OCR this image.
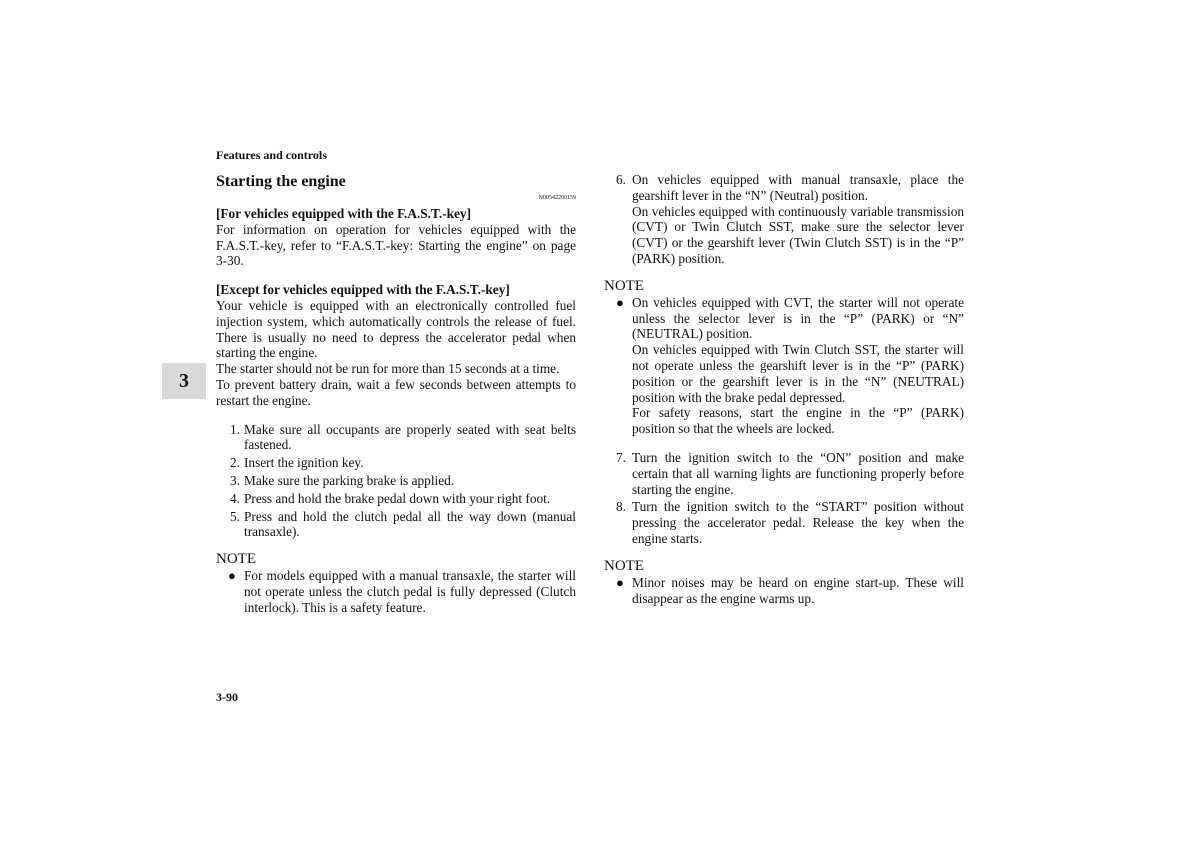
Features and controls
3
Starting the engine
N00542200159

[For vehicles equipped with the F.A.S.T.-key]

For information on operation for vehicles equipped with the F.A.S.T.-key, refer to “F.A.S.T.-key: Starting the engine” on page 3-30.

[Except for vehicles equipped with the F.A.S.T.-key]

Your vehicle is equipped with an electronically controlled fuel injection system, which automatically controls the release of fuel. There is usually no need to depress the accelerator pedal when starting the engine.

The starter should not be run for more than 15 seconds at a time.

To prevent battery drain, wait a few seconds between attempts to restart the engine.

1. Make sure all occupants are properly seated with seat belts fastened.
2. Insert the ignition key.
3. Make sure the parking brake is applied.
4. Press and hold the brake pedal down with your right foot.
5. Press and hold the clutch pedal all the way down (manual transaxle).
NOTE
● For models equipped with a manual transaxle, the starter will not operate unless the clutch pedal is fully depressed (Clutch interlock). This is a safety feature.
6. On vehicles equipped with manual transaxle, place the gearshift lever in the “N” (Neutral) position.

On vehicles equipped with continuously variable transmission (CVT) or Twin Clutch SST, make sure the selector lever (CVT) or the gearshift lever (Twin Clutch SST) is in the “P” (PARK) position.

NOTE
● On vehicles equipped with CVT, the starter will not operate unless the selector lever is in the “P” (PARK) or “N” (NEUTRAL) position.

On vehicles equipped with Twin Clutch SST, the starter will not operate unless the gearshift lever is in the “P” (PARK) position or the gearshift lever is in the “N” (NEUTRAL) position with the brake pedal depressed.

For safety reasons, start the engine in the “P” (PARK) position so that the wheels are locked.

7. Turn the ignition switch to the “ON” position and make certain that all warning lights are functioning properly before starting the engine.
8. Turn the ignition switch to the “START” position without pressing the accelerator pedal. Release the key when the engine starts.
NOTE
● Minor noises may be heard on engine start-up. These will disappear as the engine warms up.
3-90
